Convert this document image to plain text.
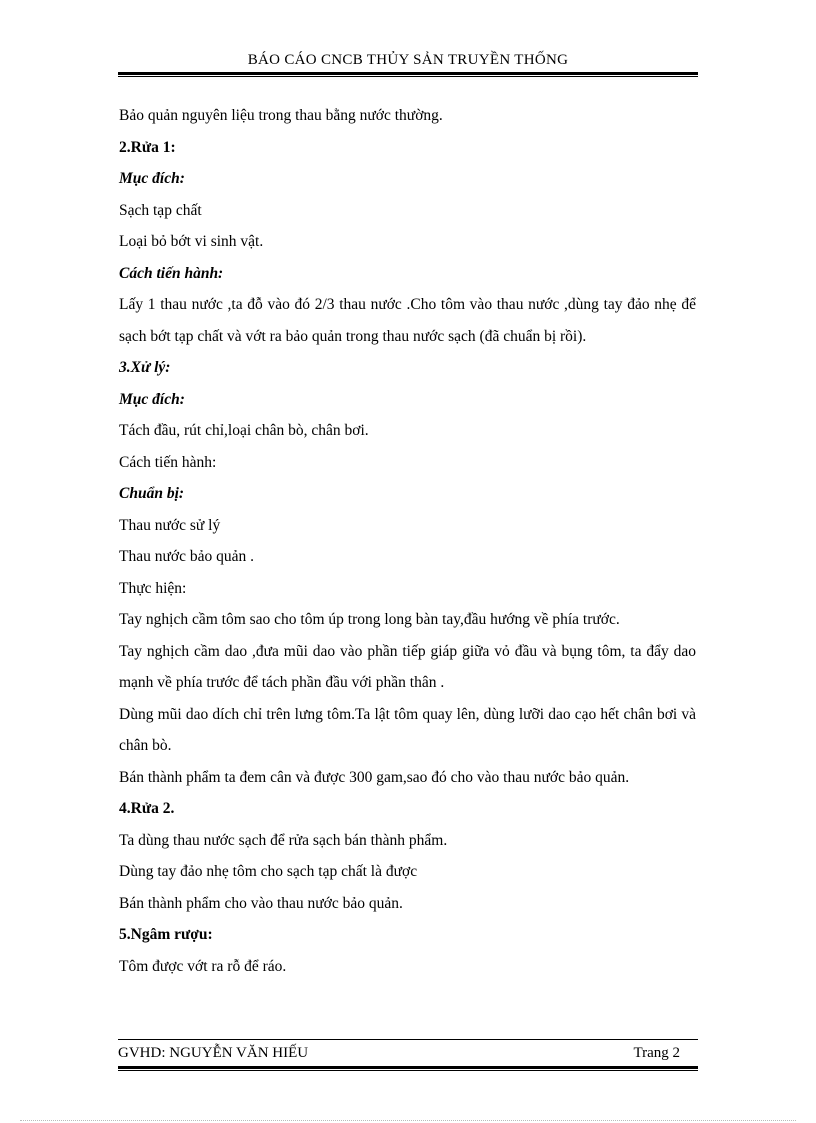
BÁO CÁO CNCB THỦY SẢN TRUYỀN THỐNG

Bảo quản nguyên liệu trong thau bằng nước thường.

2.Rửa 1:

Mục đích:

Sạch tạp chất

Loại bỏ bớt vi sinh vật.

Cách tiến hành:

Lấy 1 thau nước ,ta đỗ vào đó 2/3 thau nước .Cho tôm vào thau nước ,dùng tay đảo nhẹ để sạch bớt tạp chất và vớt ra bảo quản trong thau nước sạch (đã chuẩn bị rồi).

3.Xử lý:

Mục đích:

Tách đầu, rút chỉ,loại chân bò, chân bơi.

Cách tiến hành:

Chuẩn bị:

Thau nước sử lý

Thau nước bảo quản .

Thực hiện:

Tay nghịch cầm tôm sao cho tôm úp trong long bàn tay,đầu hướng về phía trước.

Tay nghịch cầm dao ,đưa mũi dao vào phần tiếp giáp giữa vỏ đầu và bụng tôm, ta đẩy dao mạnh về phía trước để tách phần đầu với phần thân .

Dùng mũi dao dích chỉ trên lưng tôm.Ta lật tôm quay lên, dùng lưỡi dao cạo hết chân bơi và chân bò.

Bán thành phẩm ta đem cân và được 300 gam,sao đó cho vào thau nước bảo quản.

4.Rửa 2.

Ta dùng thau nước sạch để rửa sạch bán thành phẩm.

Dùng tay đảo nhẹ tôm cho sạch tạp chất là được

Bán thành phẩm cho vào thau nước bảo quản.

5.Ngâm rượu:

Tôm được vớt ra rỗ để ráo.

GVHD: NGUYỄN VĂN HIẾU	Trang 2
